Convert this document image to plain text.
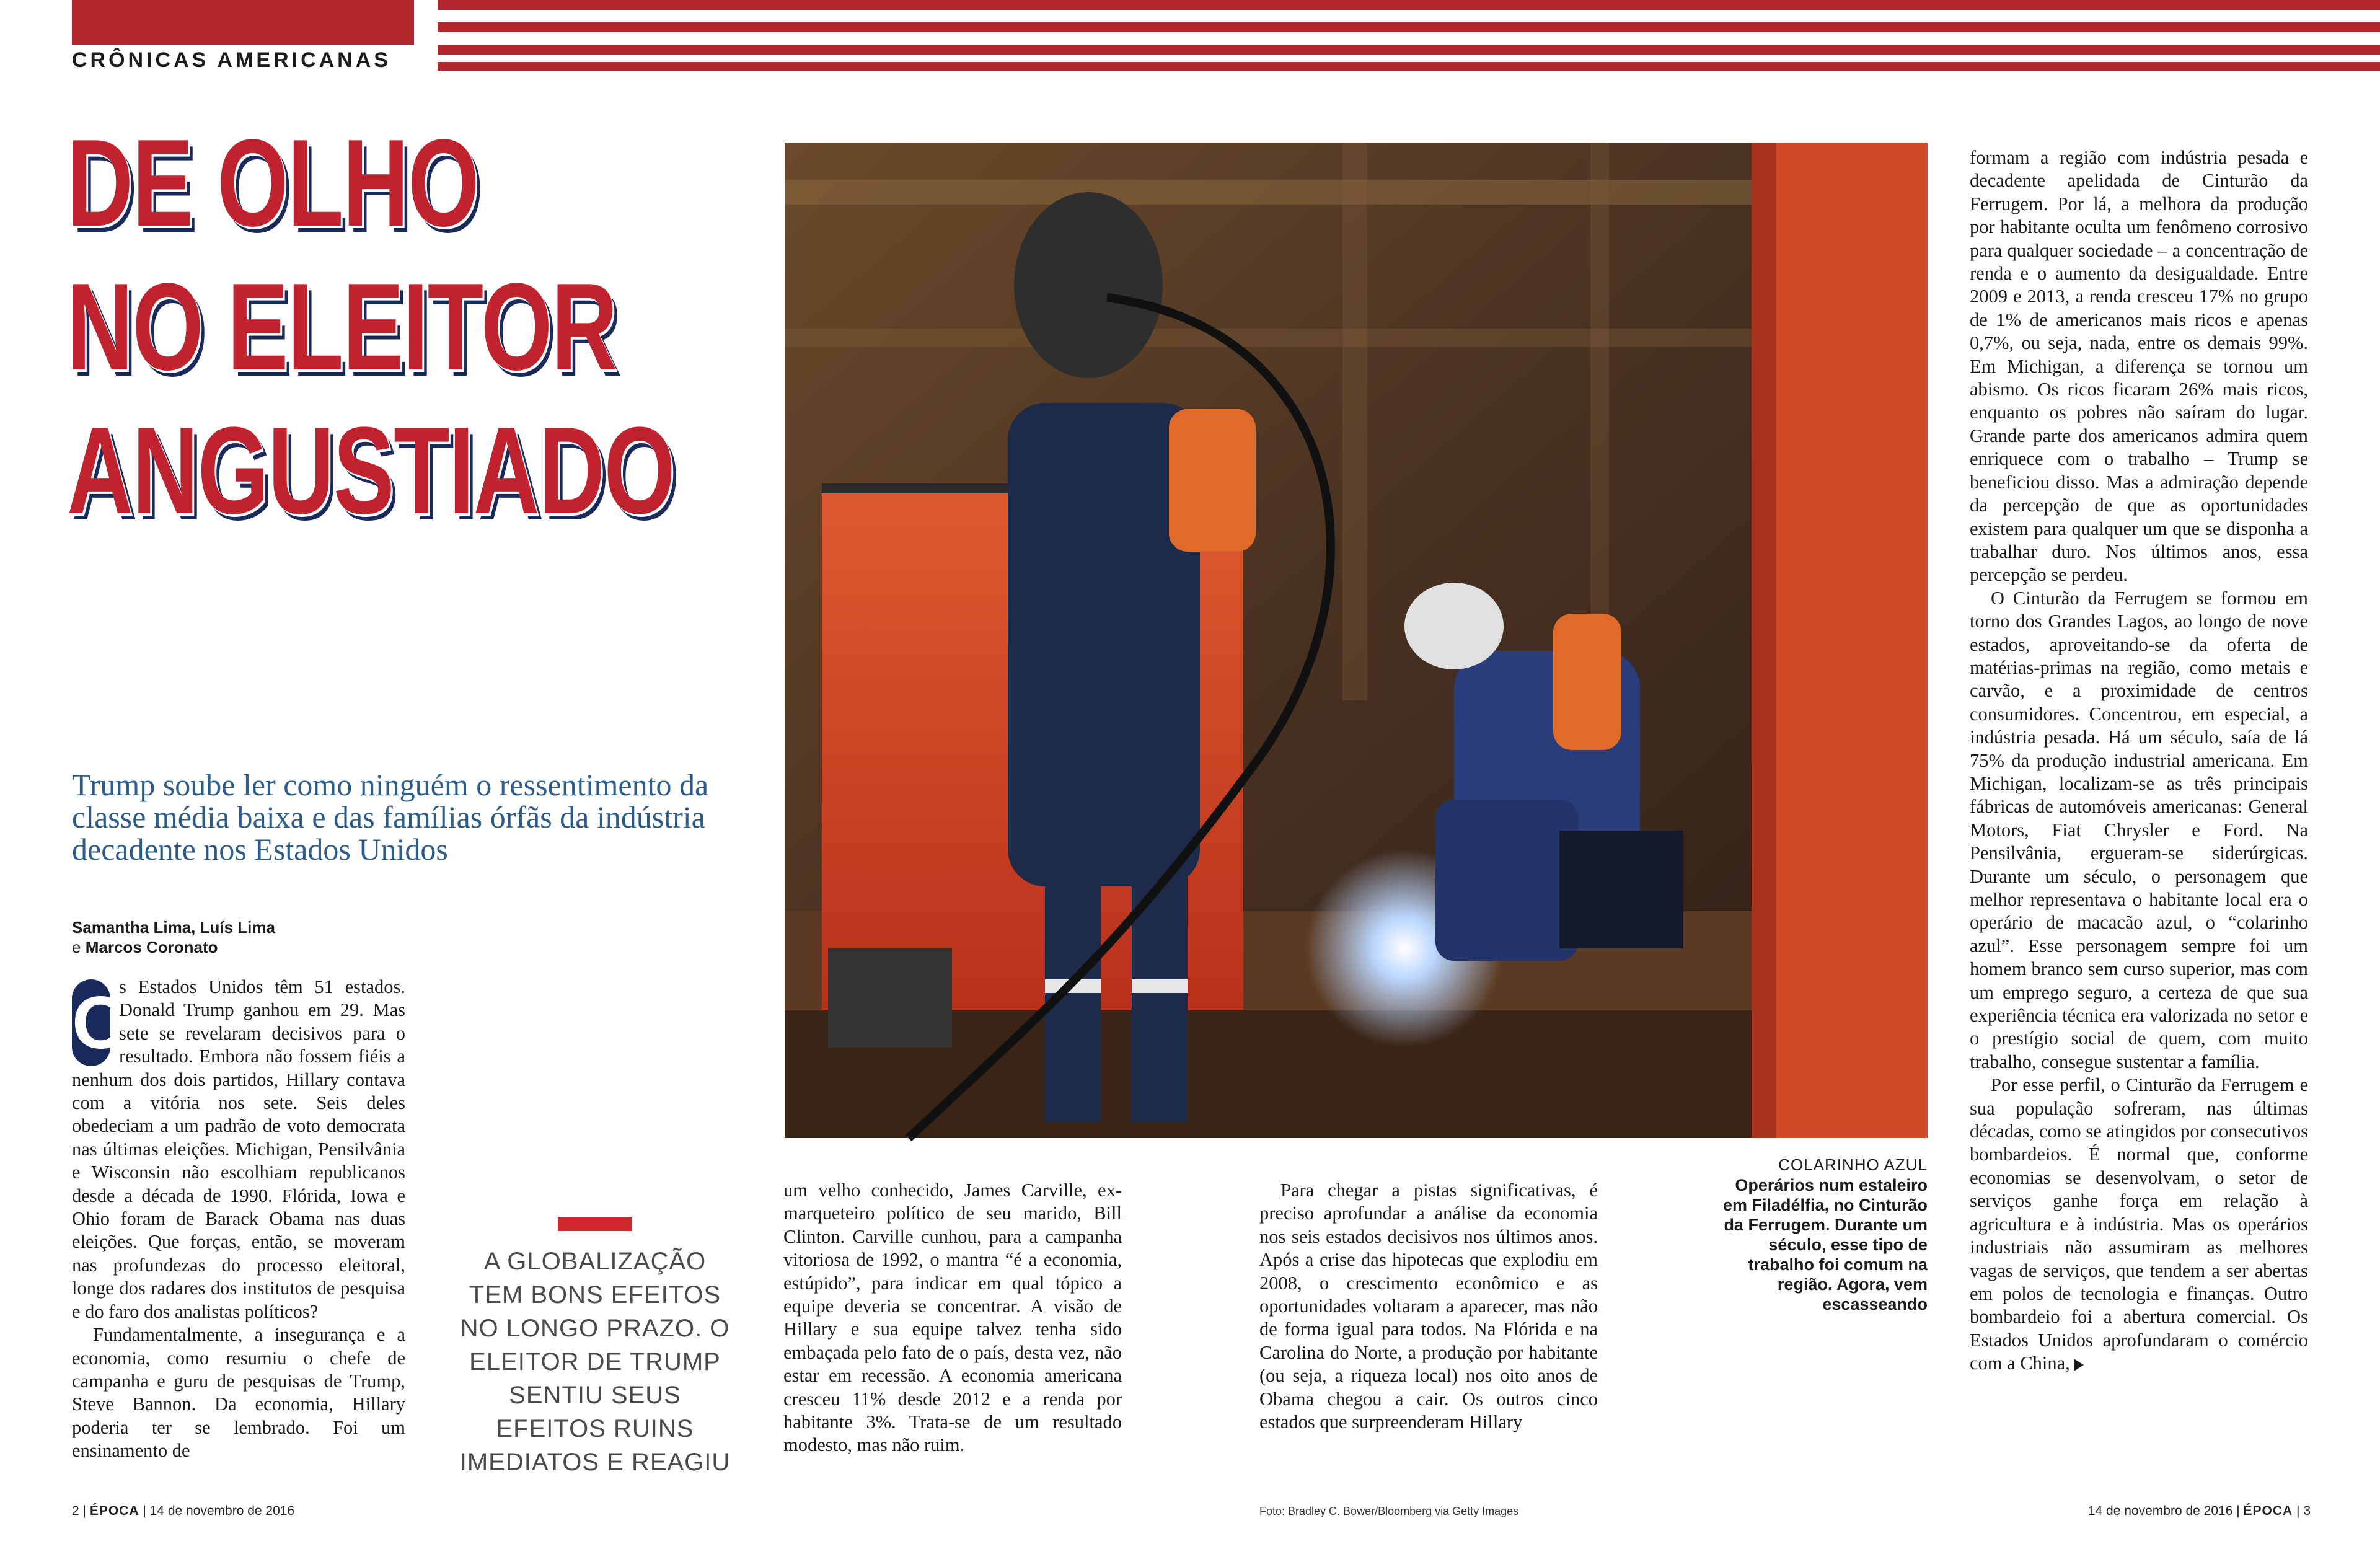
CRÔNICAS AMERICANAS
DE OLHO
NO ELEITOR
ANGUSTIADO
Trump soube ler como ninguém o ressentimento da classe média baixa e das famílias órfãs da indústria decadente nos Estados Unidos
Samantha Lima, Luís Lima
e Marcos Coronato

O
s Estados Unidos têm 51 estados. Donald Trump ganhou em 29. Mas sete se revelaram decisivos para o resultado. Embora não fossem fiéis a nenhum dos dois partidos, Hillary contava com a vitória nos sete. Seis deles obedeciam a um padrão de voto democrata nas últimas eleições. Michigan, Pensilvânia e Wisconsin não escolhiam republicanos desde a década de 1990. Flórida, Iowa e Ohio foram de Barack Obama nas duas eleições. Que forças, então, se moveram nas profundezas do processo eleitoral, longe dos radares dos institutos de pesquisa e do faro dos analistas políticos?

Fundamentalmente, a insegurança e a economia, como resumiu o chefe de campanha e guru de pesquisas de Trump, Steve Bannon. Da economia, Hillary poderia ter se lembrado. Foi um ensinamento de

A GLOBALIZAÇÃO TEM BONS EFEITOS NO LONGO PRAZO. O ELEITOR DE TRUMP SENTIU SEUS EFEITOS RUINS IMEDIATOS E REAGIU
Foto: Bradley C. Bower/Bloomberg via Getty Images
COLARINHO AZUL
Operários num estaleiro em Filadélfia, no Cinturão da Ferrugem. Durante um século, esse tipo de trabalho foi comum na região. Agora, vem escasseando

um velho conhecido, James Carville, ex-marqueteiro político de seu marido, Bill Clinton. Carville cunhou, para a campanha vitoriosa de 1992, o mantra “é a economia, estúpido”, para indicar em qual tópico a equipe deveria se concentrar. A visão de Hillary e sua equipe talvez tenha sido embaçada pelo fato de o país, desta vez, não estar em recessão. A economia americana cresceu 11% desde 2012 e a renda por habitante 3%. Trata-se de um resultado modesto, mas não ruim.

Para chegar a pistas significativas, é preciso aprofundar a análise da economia nos seis estados decisivos nos últimos anos. Após a crise das hipotecas que explodiu em 2008, o crescimento econômico e as oportunidades voltaram a aparecer, mas não de forma igual para todos. Na Flórida e na Carolina do Norte, a produção por habitante (ou seja, a riqueza local) nos oito anos de Obama chegou a cair. Os outros cinco estados que surpreenderam Hillary

formam a região com indústria pesada e decadente apelidada de Cinturão da Ferrugem. Por lá, a melhora da produção por habitante oculta um fenômeno corrosivo para qualquer sociedade – a concentração de renda e o aumento da desigualdade. Entre 2009 e 2013, a renda cresceu 17% no grupo de 1% de americanos mais ricos e apenas 0,7%, ou seja, nada, entre os demais 99%. Em Michigan, a diferença se tornou um abismo. Os ricos ficaram 26% mais ricos, enquanto os pobres não saíram do lugar. Grande parte dos americanos admira quem enriquece com o trabalho – Trump se beneficiou disso. Mas a admiração depende da percepção de que as oportunidades existem para qualquer um que se disponha a trabalhar duro. Nos últimos anos, essa percepção se perdeu.

O Cinturão da Ferrugem se formou em torno dos Grandes Lagos, ao longo de nove estados, aproveitando-se da oferta de matérias-primas na região, como metais e carvão, e a proximidade de centros consumidores. Concentrou, em especial, a indústria pesada. Há um século, saía de lá 75% da produção industrial americana. Em Michigan, localizam-se as três principais fábricas de automóveis americanas: General Motors, Fiat Chrysler e Ford. Na Pensilvânia, ergueram-se siderúrgicas. Durante um século, o personagem que melhor representava o habitante local era o operário de macacão azul, o “colarinho azul”. Esse personagem sempre foi um homem branco sem curso superior, mas com um emprego seguro, a certeza de que sua experiência técnica era valorizada no setor e o prestígio social de quem, com muito trabalho, consegue sustentar a família.

Por esse perfil, o Cinturão da Ferrugem e sua população sofreram, nas últimas décadas, como se atingidos por consecutivos bombardeios. É normal que, conforme economias se desenvolvam, o setor de serviços ganhe força em relação à agricultura e à indústria. Mas os operários industriais não assumiram as melhores vagas de serviços, que tendem a ser abertas em polos de tecnologia e finanças. Outro bombardeio foi a abertura comercial. Os Estados Unidos aprofundaram o comércio com a China,

2 | ÉPOCA | 14 de novembro de 2016	14 de novembro de 2016 | ÉPOCA | 3
